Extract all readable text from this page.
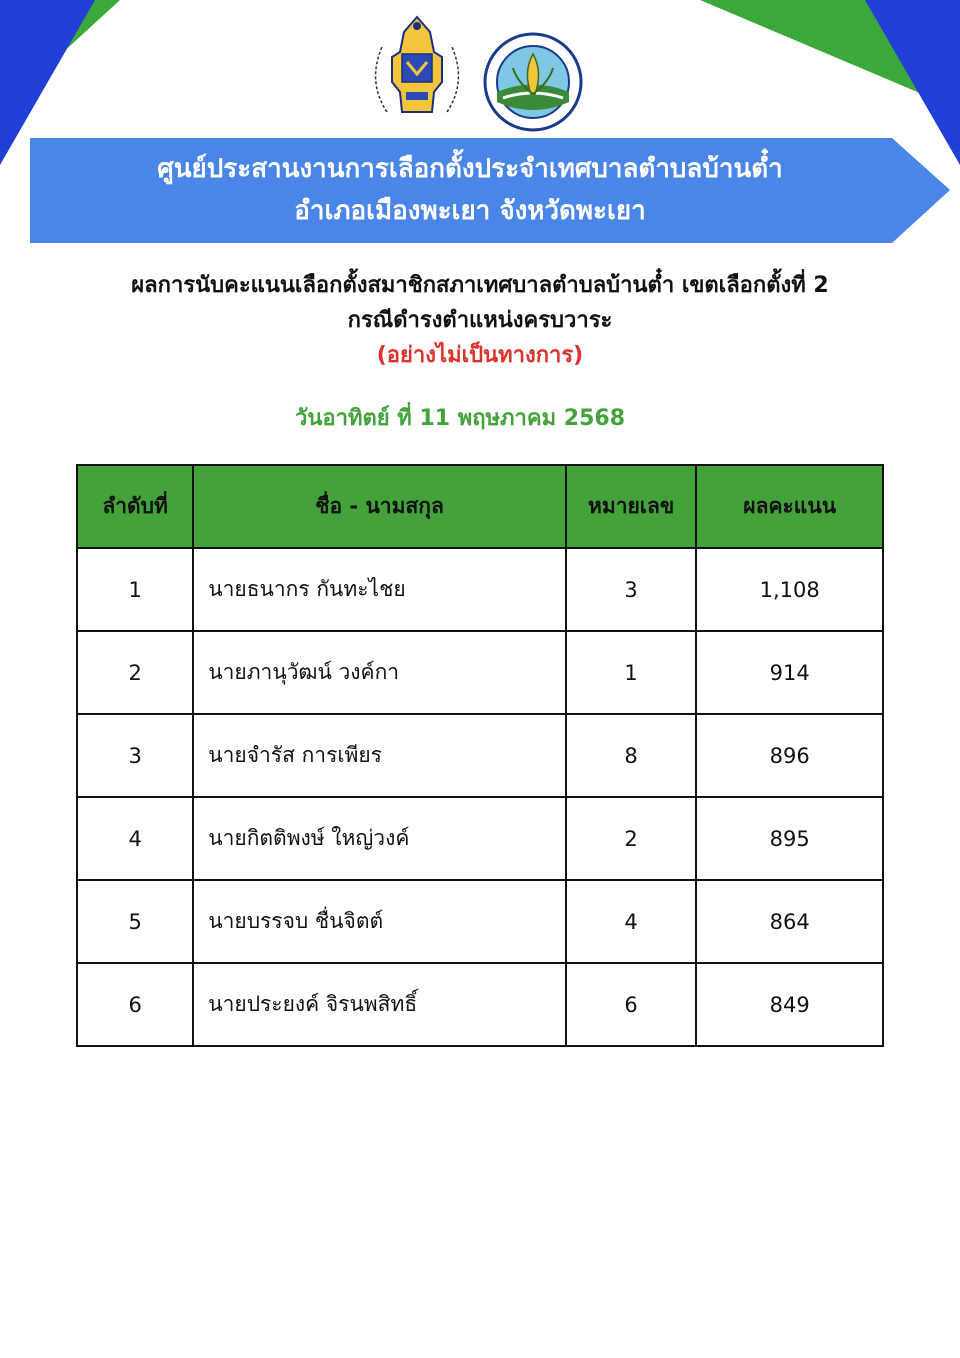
ศูนย์ประสานงานการเลือกตั้งประจำเทศบาลตำบลบ้านต๋ำ
อำเภอเมืองพะเยา จังหวัดพะเยา
ผลการนับคะแนนเลือกตั้งสมาชิกสภาเทศบาลตำบลบ้านต๋ำ เขตเลือกตั้งที่ 2
กรณีดำรงตำแหน่งครบวาระ
(อย่างไม่เป็นทางการ)
วันอาทิตย์ ที่ 11 พฤษภาคม 2568
ลำดับที่	ชื่อ - นามสกุล	หมายเลข	ผลคะแนน
1	นายธนากร กันทะไชย	3	1,108
2	นายภานุวัฒน์ วงค์กา	1	914
3	นายจำรัส การเพียร	8	896
4	นายกิตติพงษ์ ใหญ่วงค์	2	895
5	นายบรรจบ ชื่นจิตต์	4	864
6	นายประยงค์ จิรนพสิทธิ์	6	849
